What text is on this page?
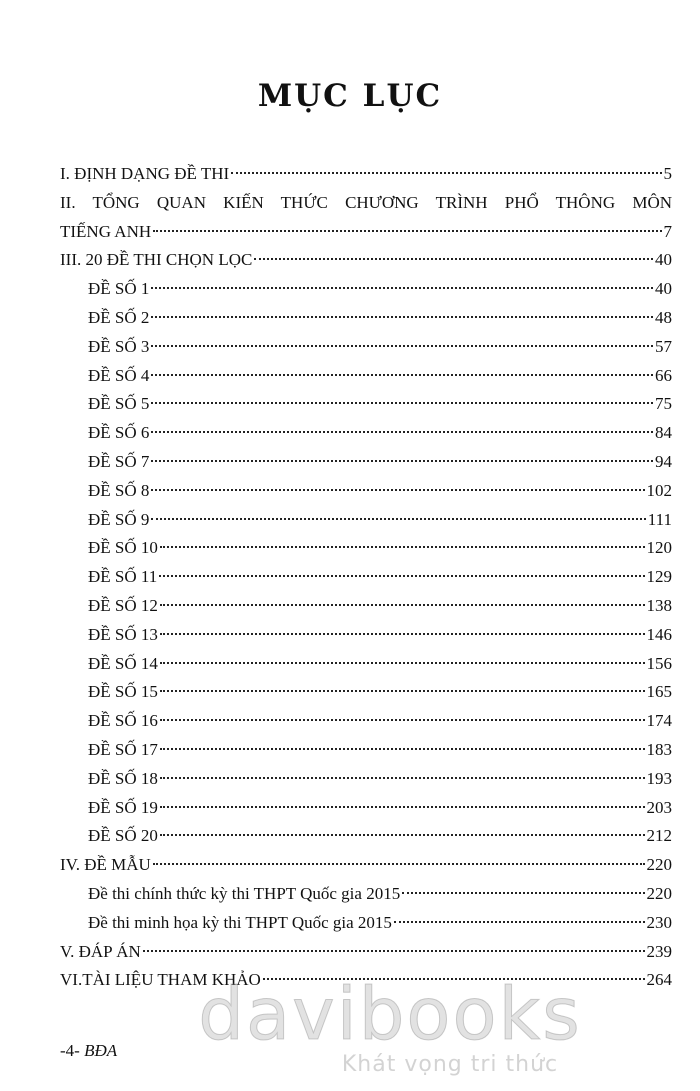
MỤC LỤC
I. ĐỊNH DẠNG ĐỀ THI	5
II. TỔNG QUAN KIẾN THỨC CHƯƠNG TRÌNH PHỔ THÔNG MÔN
TIẾNG ANH	7
III. 20 ĐỀ THI CHỌN LỌC	40
ĐỀ SỐ 1	40
ĐỀ SỐ 2	48
ĐỀ SỐ 3	57
ĐỀ SỐ 4	66
ĐỀ SỐ 5	75
ĐỀ SỐ 6	84
ĐỀ SỐ 7	94
ĐỀ SỐ 8	102
ĐỀ SỐ 9	111
ĐỀ SỐ 10	120
ĐỀ SỐ 11	129
ĐỀ SỐ 12	138
ĐỀ SỐ 13	146
ĐỀ SỐ 14	156
ĐỀ SỐ 15	165
ĐỀ SỐ 16	174
ĐỀ SỐ 17	183
ĐỀ SỐ 18	193
ĐỀ SỐ 19	203
ĐỀ SỐ 20	212
IV. ĐỀ MẪU	220
Đề thi chính thức kỳ thi THPT Quốc gia 2015	220
Đề thi minh họa kỳ thi THPT Quốc gia 2015	230
V. ĐÁP ÁN	239
VI.TÀI LIỆU THAM KHẢO	264
-4- BĐA	davibooks
Khát vọng tri thức
